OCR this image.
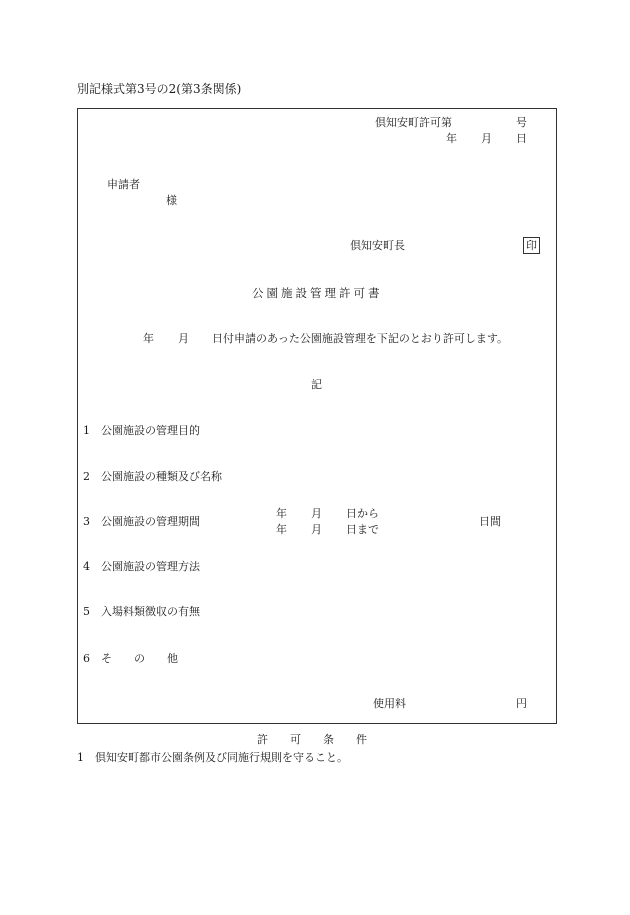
別記様式第3号の2(第3条関係)
倶知安町許可第	号
年 月 日
申請者
様
倶知安町長	印
公園施設管理許可書
年 月 日付申請のあった公園施設管理を下記のとおり許可します。
記
1 公園施設の管理目的
2 公園施設の種類及び名称
3 公園施設の管理期間
年 月 日から
年 月 日まで
日間
4 公園施設の管理方法
5 入場料類徴収の有無
6 そ　　の　　他
使用料	円
許　　可　　条　　件
1　倶知安町都市公園条例及び同施行規則を守ること。
